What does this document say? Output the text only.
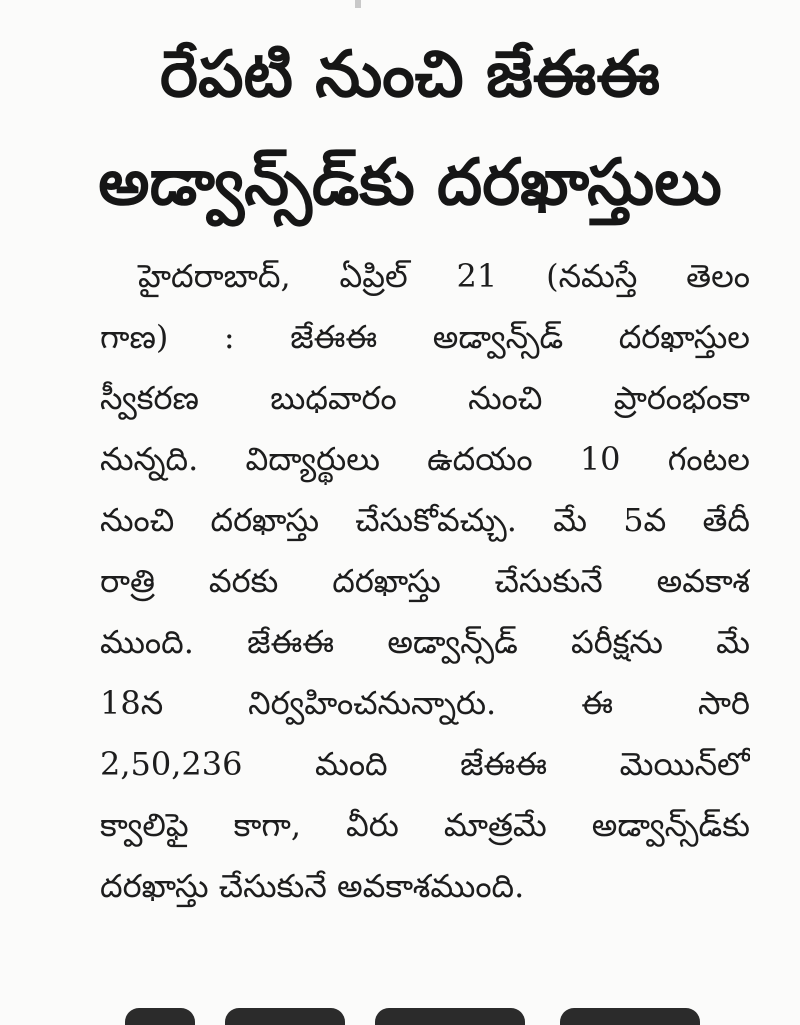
రేపటి నుంచి జేఈఈ
అడ్వాన్స్‌డ్‌కు దరఖాస్తులు
హైదరాబాద్, ఏప్రిల్ 21 (నమస్తే తెలం
గాణ) : జేఈఈ అడ్వాన్స్‌డ్ దరఖాస్తుల
స్వీకరణ బుధవారం నుంచి ప్రారంభంకా
నున్నది. విద్యార్థులు ఉదయం 10 గంటల
నుంచి దరఖాస్తు చేసుకోవచ్చు. మే 5వ తేదీ
రాత్రి వరకు దరఖాస్తు చేసుకునే అవకాశ
ముంది. జేఈఈ అడ్వాన్స్‌డ్ పరీక్షను మే
18న నిర్వహించనున్నారు. ఈ సారి
2,50,236 మంది జేఈఈ మెయిన్‌లో
క్వాలిఫై కాగా, వీరు మాత్రమే అడ్వాన్స్‌డ్‌కు
దరఖాస్తు చేసుకునే అవకాశముంది.
